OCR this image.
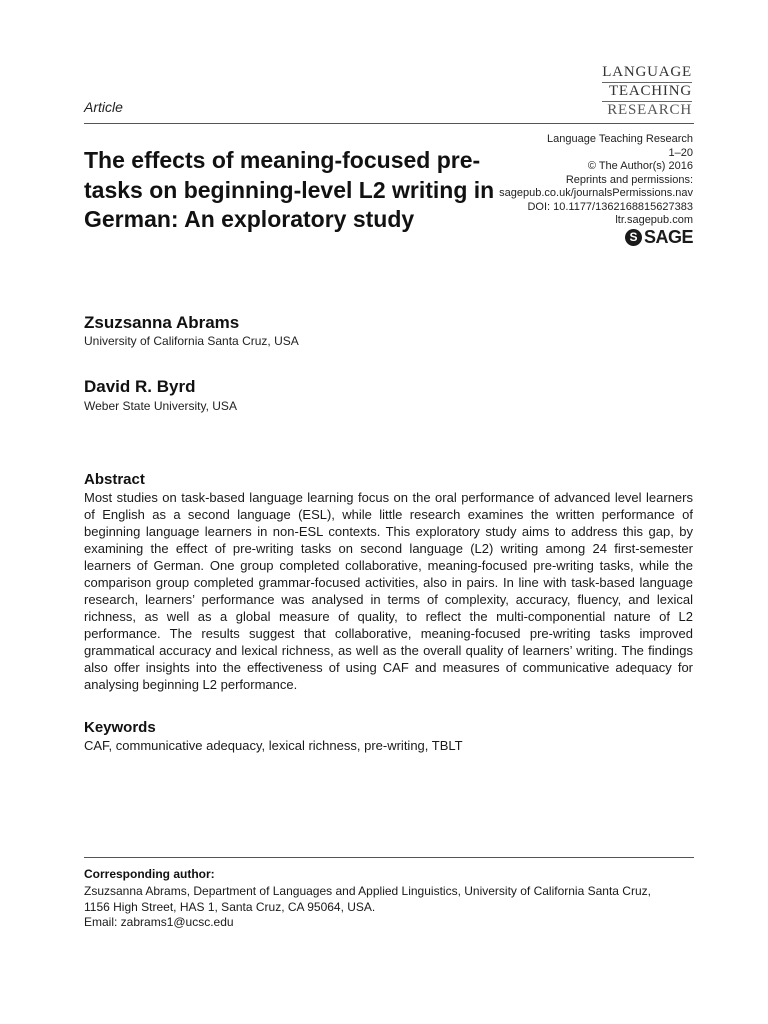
LANGUAGE
TEACHING
RESEARCH
Article
The effects of meaning-focused pre-tasks on beginning-level L2 writing in German: An exploratory study
Language Teaching Research
1–20
© The Author(s) 2016
Reprints and permissions:
sagepub.co.uk/journalsPermissions.nav
DOI: 10.1177/1362168815627383
ltr.sagepub.com
S SAGE
Zsuzsanna Abrams
University of California Santa Cruz, USA
David R. Byrd
Weber State University, USA
Abstract

Most studies on task-based language learning focus on the oral performance of advanced level learners of English as a second language (ESL), while little research examines the written performance of beginning language learners in non-ESL contexts. This exploratory study aims to address this gap, by examining the effect of pre-writing tasks on second language (L2) writing among 24 first-semester learners of German. One group completed collaborative, meaning-focused pre-writing tasks, while the comparison group completed grammar-focused activities, also in pairs. In line with task-based language research, learners’ performance was analysed in terms of complexity, accuracy, fluency, and lexical richness, as well as a global measure of quality, to reflect the multi-componential nature of L2 performance. The results suggest that collaborative, meaning-focused pre-writing tasks improved grammatical accuracy and lexical richness, as well as the overall quality of learners’ writing. The findings also offer insights into the effectiveness of using CAF and measures of communicative adequacy for analysing beginning L2 performance.

Keywords
CAF, communicative adequacy, lexical richness, pre-writing, TBLT
Corresponding author:
Zsuzsanna Abrams, Department of Languages and Applied Linguistics, University of California Santa Cruz,
1156 High Street, HAS 1, Santa Cruz, CA 95064, USA.
Email: zabrams1@ucsc.edu
